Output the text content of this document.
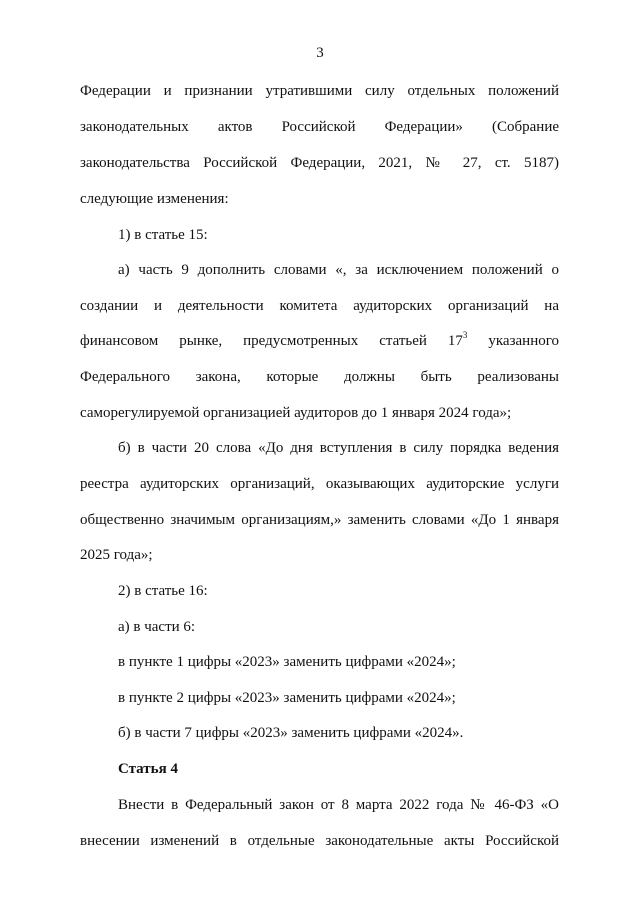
3
Федерации и признании утратившими силу отдельных положений
законодательных актов Российской Федерации» (Собрание
законодательства Российской Федерации, 2021, № 27, ст. 5187)
следующие изменения:
1) в статье 15:
а) часть 9 дополнить словами «, за исключением положений о
создании и деятельности комитета аудиторских организаций на
финансовом рынке, предусмотренных статьей $17^3$ указанного
Федерального закона, которые должны быть реализованы
саморегулируемой организацией аудиторов до 1 января 2024 года»;
б) в части 20 слова «До дня вступления в силу порядка ведения
реестра аудиторских организаций, оказывающих аудиторские услуги
общественно значимым организациям,» заменить словами «До 1 января
2025 года»;
2) в статье 16:
а) в части 6:
в пункте 1 цифры «2023» заменить цифрами «2024»;
в пункте 2 цифры «2023» заменить цифрами «2024»;
б) в части 7 цифры «2023» заменить цифрами «2024».
Статья 4
Внести в Федеральный закон от 8 марта 2022 года № 46-ФЗ «О
внесении изменений в отдельные законодательные акты Российской
